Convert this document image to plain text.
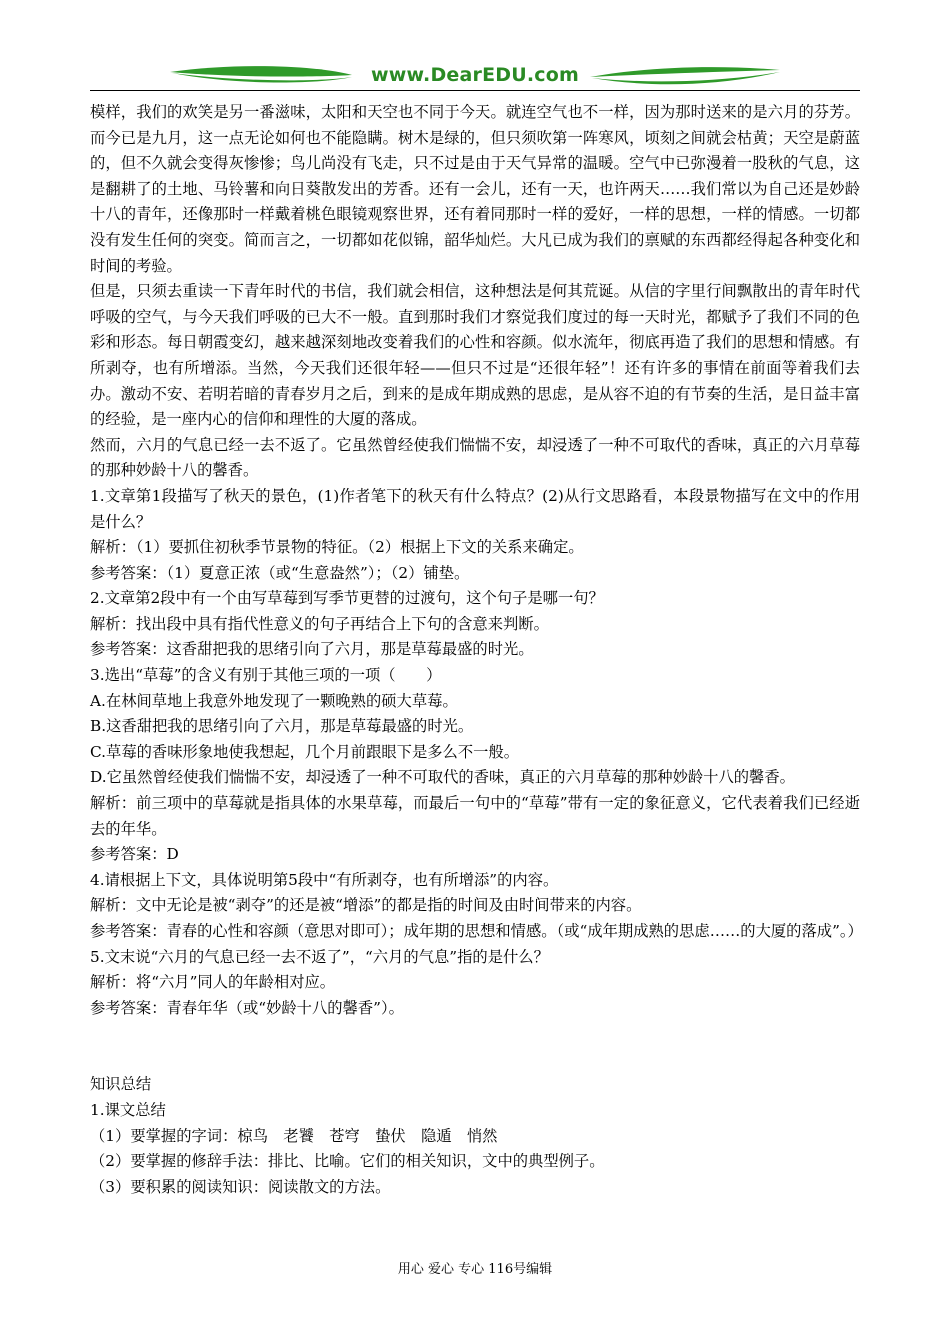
www.DearEDU.com

模样，我们的欢笑是另一番滋味，太阳和天空也不同于今天。就连空气也不一样，因为那时送来的是六月的芬芳。而今已是九月，这一点无论如何也不能隐瞒。树木是绿的，但只须吹第一阵寒风，顷刻之间就会枯黄；天空是蔚蓝的，但不久就会变得灰惨惨；鸟儿尚没有飞走，只不过是由于天气异常的温暖。空气中已弥漫着一股秋的气息，这是翻耕了的土地、马铃薯和向日葵散发出的芳香。还有一会儿，还有一天，也许两天……我们常以为自己还是妙龄十八的青年，还像那时一样戴着桃色眼镜观察世界，还有着同那时一样的爱好，一样的思想，一样的情感。一切都没有发生任何的突变。简而言之，一切都如花似锦，韶华灿烂。大凡已成为我们的禀赋的东西都经得起各种变化和时间的考验。

但是，只须去重读一下青年时代的书信，我们就会相信，这种想法是何其荒诞。从信的字里行间飘散出的青年时代呼吸的空气，与今天我们呼吸的已大不一般。直到那时我们才察觉我们度过的每一天时光，都赋予了我们不同的色彩和形态。每日朝霞变幻，越来越深刻地改变着我们的心性和容颜。似水流年，彻底再造了我们的思想和情感。有所剥夺，也有所增添。当然，今天我们还很年轻——但只不过是“还很年轻”！还有许多的事情在前面等着我们去办。激动不安、若明若暗的青春岁月之后，到来的是成年期成熟的思虑，是从容不迫的有节奏的生活，是日益丰富的经验，是一座内心的信仰和理性的大厦的落成。

然而，六月的气息已经一去不返了。它虽然曾经使我们惴惴不安，却浸透了一种不可取代的香味，真正的六月草莓的那种妙龄十八的馨香。

1.文章第1段描写了秋天的景色，(1)作者笔下的秋天有什么特点？(2)从行文思路看，本段景物描写在文中的作用是什么？

解析：（1）要抓住初秋季节景物的特征。（2）根据上下文的关系来确定。

参考答案：（1）夏意正浓（或“生意盎然”）；（2）铺垫。

2.文章第2段中有一个由写草莓到写季节更替的过渡句，这个句子是哪一句？

解析：找出段中具有指代性意义的句子再结合上下句的含意来判断。

参考答案：这香甜把我的思绪引向了六月，那是草莓最盛的时光。

3.选出“草莓”的含义有别于其他三项的一项（　　）

A.在林间草地上我意外地发现了一颗晚熟的硕大草莓。

B.这香甜把我的思绪引向了六月，那是草莓最盛的时光。

C.草莓的香味形象地使我想起，几个月前跟眼下是多么不一般。

D.它虽然曾经使我们惴惴不安，却浸透了一种不可取代的香味，真正的六月草莓的那种妙龄十八的馨香。

解析：前三项中的草莓就是指具体的水果草莓，而最后一句中的“草莓”带有一定的象征意义，它代表着我们已经逝去的年华。

参考答案：D

4.请根据上下文，具体说明第5段中“有所剥夺，也有所增添”的内容。

解析：文中无论是被“剥夺”的还是被“增添”的都是指的时间及由时间带来的内容。

参考答案：青春的心性和容颜（意思对即可）；成年期的思想和情感。（或“成年期成熟的思虑……的大厦的落成”。）

5.文末说“六月的气息已经一去不返了”，“六月的气息”指的是什么？

解析：将“六月”同人的年龄相对应。

参考答案：青春年华（或“妙龄十八的馨香”）。

知识总结

1.课文总结

（1）要掌握的字词：椋鸟　老饕　苍穹　蛰伏　隐遁　悄然

（2）要掌握的修辞手法：排比、比喻。它们的相关知识，文中的典型例子。

（3）要积累的阅读知识：阅读散文的方法。

用心 爱心 专心 116号编辑
